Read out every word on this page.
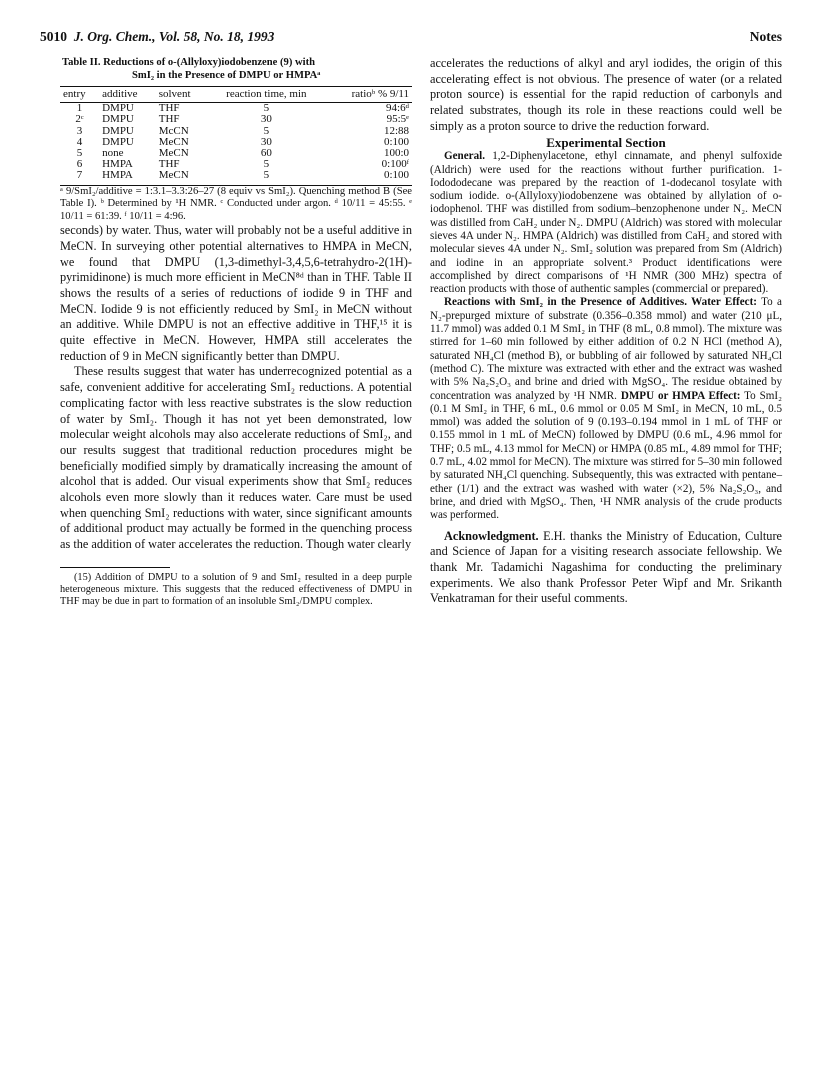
5010 J. Org. Chem., Vol. 58, No. 18, 1993	Notes
Table II. Reductions of o-(Allyloxy)iodobenzene (9) with
SmI₂ in the Presence of DMPU or HMPAᵃ
entry	additive	solvent	reaction time, min	ratioᵇ % 9/11
1	DMPU	THF	5	94:6ᵈ
2ᶜ	DMPU	THF	30	95:5ᵉ
3	DMPU	McCN	5	12:88
4	DMPU	MeCN	30	0:100
5	none	MeCN	60	100:0
6	HMPA	THF	5	0:100ᶠ
7	HMPA	MeCN	5	0:100

ᵃ 9/SmI₂/additive = 1:3.1–3.3:26–27 (8 equiv vs SmI₂). Quenching method B (See Table I). ᵇ Determined by ¹H NMR. ᶜ Conducted under argon. ᵈ 10/11 = 45:55. ᵉ 10/11 = 61:39. ᶠ 10/11 = 4:96.

seconds) by water. Thus, water will probably not be a useful additive in MeCN. In surveying other potential alternatives to HMPA in MeCN, we found that DMPU (1,3-dimethyl-3,4,5,6-tetrahydro-2(1H)-pyrimidinone) is much more efficient in MeCN⁸ᵈ than in THF. Table II shows the results of a series of reductions of iodide 9 in THF and MeCN. Iodide 9 is not efficiently reduced by SmI₂ in MeCN without an additive. While DMPU is not an effective additive in THF,¹⁵ it is quite effective in MeCN. However, HMPA still accelerates the reduction of 9 in MeCN significantly better than DMPU.

These results suggest that water has underrecognized potential as a safe, convenient additive for accelerating SmI₂ reductions. A potential complicating factor with less reactive substrates is the slow reduction of water by SmI₂. Though it has not yet been demonstrated, low molecular weight alcohols may also accelerate reductions of SmI₂, and our results suggest that traditional reduction procedures might be beneficially modified simply by dramatically increasing the amount of alcohol that is added. Our visual experiments show that SmI₂ reduces alcohols even more slowly than it reduces water. Care must be used when quenching SmI₂ reductions with water, since significant amounts of additional product may actually be formed in the quenching process as the addition of water accelerates the reduction. Though water clearly

(15) Addition of DMPU to a solution of 9 and SmI₂ resulted in a deep purple heterogeneous mixture. This suggests that the reduced effectiveness of DMPU in THF may be due in part to formation of an insoluble SmI₂/DMPU complex.

accelerates the reductions of alkyl and aryl iodides, the origin of this accelerating effect is not obvious. The presence of water (or a related proton source) is essential for the rapid reduction of carbonyls and related substrates, though its role in these reactions could well be simply as a proton source to drive the reduction forward.

Experimental Section

General. 1,2-Diphenylacetone, ethyl cinnamate, and phenyl sulfoxide (Aldrich) were used for the reactions without further purification. 1-Iodododecane was prepared by the reaction of 1-dodecanol tosylate with sodium iodide. o-(Allyloxy)iodobenzene was obtained by allylation of o-iodophenol. THF was distilled from sodium–benzophenone under N₂. MeCN was distilled from CaH₂ under N₂. DMPU (Aldrich) was stored with molecular sieves 4A under N₂. HMPA (Aldrich) was distilled from CaH₂ and stored with molecular sieves 4A under N₂. SmI₂ solution was prepared from Sm (Aldrich) and iodine in an appropriate solvent.³ Product identifications were accomplished by direct comparisons of ¹H NMR (300 MHz) spectra of reaction products with those of authentic samples (commercial or prepared).

Reactions with SmI₂ in the Presence of Additives. Water Effect: To a N₂-prepurged mixture of substrate (0.356–0.358 mmol) and water (210 μL, 11.7 mmol) was added 0.1 M SmI₂ in THF (8 mL, 0.8 mmol). The mixture was stirred for 1–60 min followed by either addition of 0.2 N HCl (method A), saturated NH₄Cl (method B), or bubbling of air followed by saturated NH₄Cl (method C). The mixture was extracted with ether and the extract was washed with 5% Na₂S₂O₃ and brine and dried with MgSO₄. The residue obtained by concentration was analyzed by ¹H NMR. DMPU or HMPA Effect: To SmI₂ (0.1 M SmI₂ in THF, 6 mL, 0.6 mmol or 0.05 M SmI₂ in MeCN, 10 mL, 0.5 mmol) was added the solution of 9 (0.193–0.194 mmol in 1 mL of THF or 0.155 mmol in 1 mL of MeCN) followed by DMPU (0.6 mL, 4.96 mmol for THF; 0.5 mL, 4.13 mmol for MeCN) or HMPA (0.85 mL, 4.89 mmol for THF; 0.7 mL, 4.02 mmol for MeCN). The mixture was stirred for 5–30 min followed by saturated NH₄Cl quenching. Subsequently, this was extracted with pentane–ether (1/1) and the extract was washed with water (×2), 5% Na₂S₂O₃, and brine, and dried with MgSO₄. Then, ¹H NMR analysis of the crude products was performed.

Acknowledgment. E.H. thanks the Ministry of Education, Culture and Science of Japan for a visiting research associate fellowship. We thank Mr. Tadamichi Nagashima for conducting the preliminary experiments. We also thank Professor Peter Wipf and Mr. Srikanth Venkatraman for their useful comments.
